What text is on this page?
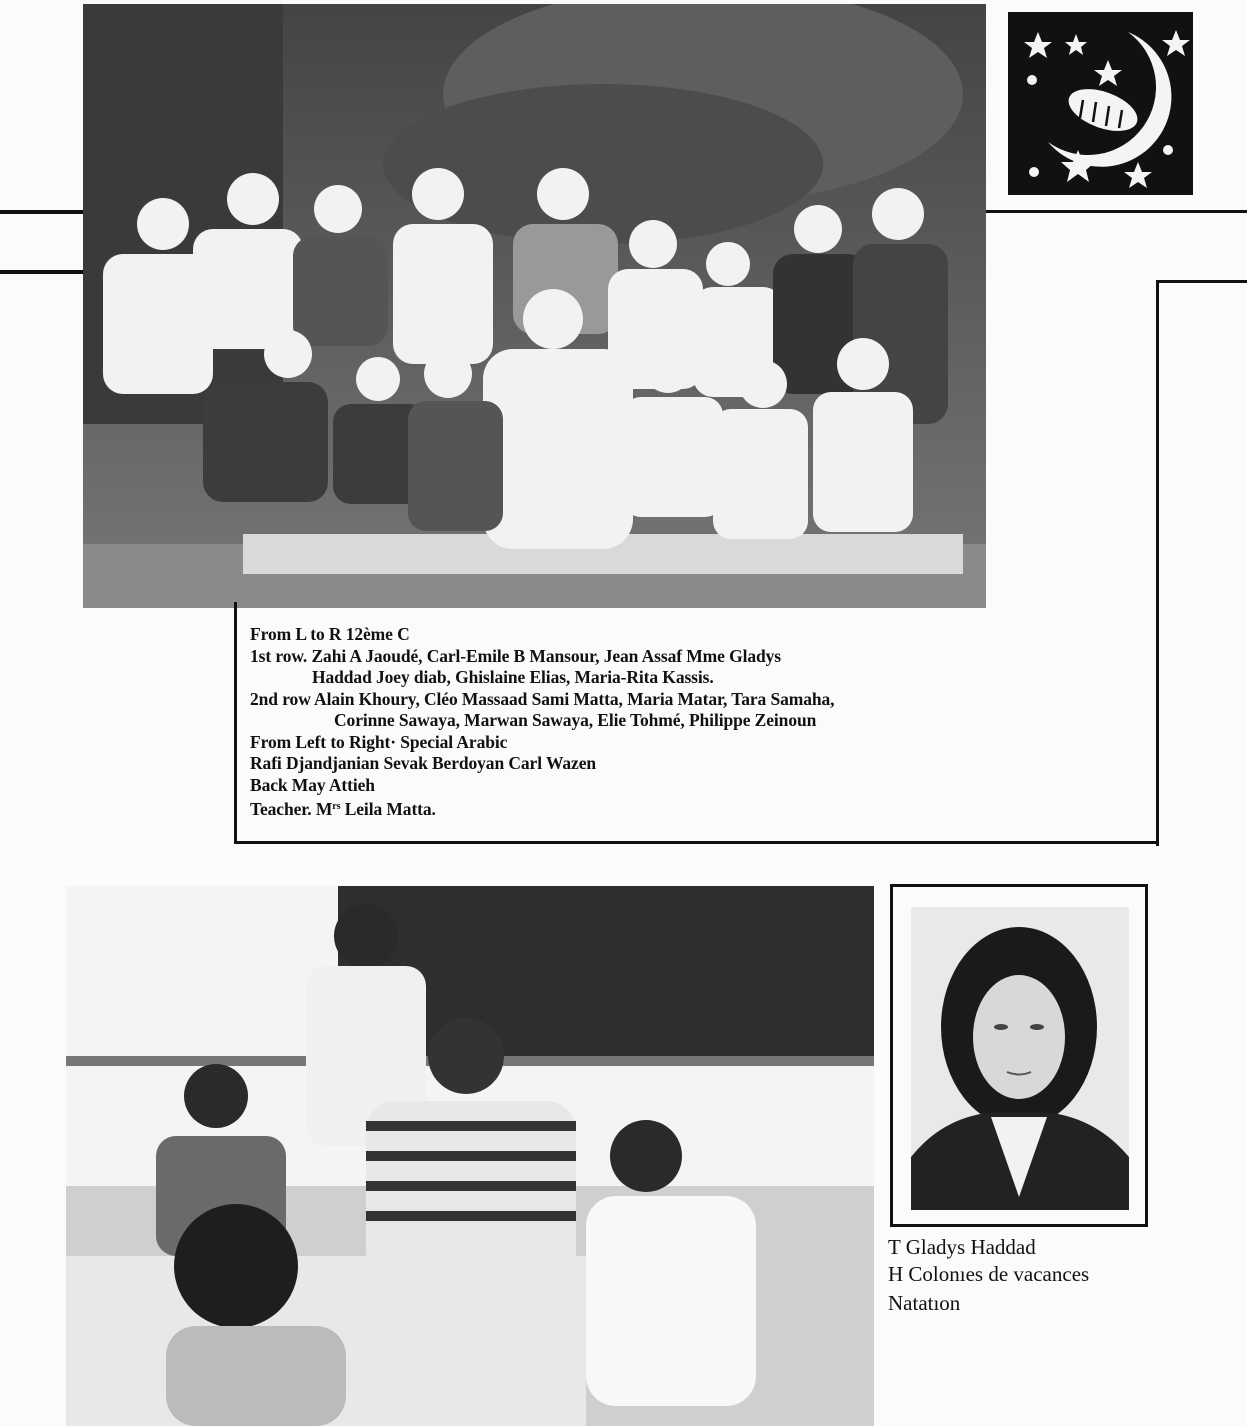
From L to R 12ème C
1st row. Zahi A Jaoudé, Carl-Emile B Mansour, Jean Assaf Mme Gladys
Haddad Joey diab, Ghislaine Elias, Maria-Rita Kassis.
2nd row Alain Khoury, Cléo Massaad Sami Matta, Maria Matar, Tara Samaha,
Corinne Sawaya, Marwan Sawaya, Elie Tohmé, Philippe Zeinoun
From Left to Right· Special Arabic
Rafi Djandjanian Sevak Berdoyan Carl Wazen
Back May Attieh
Teacher. $M^{rs}$ Leila Matta.
T Gladys Haddad
H Colonıes de vacances
Natatıon
